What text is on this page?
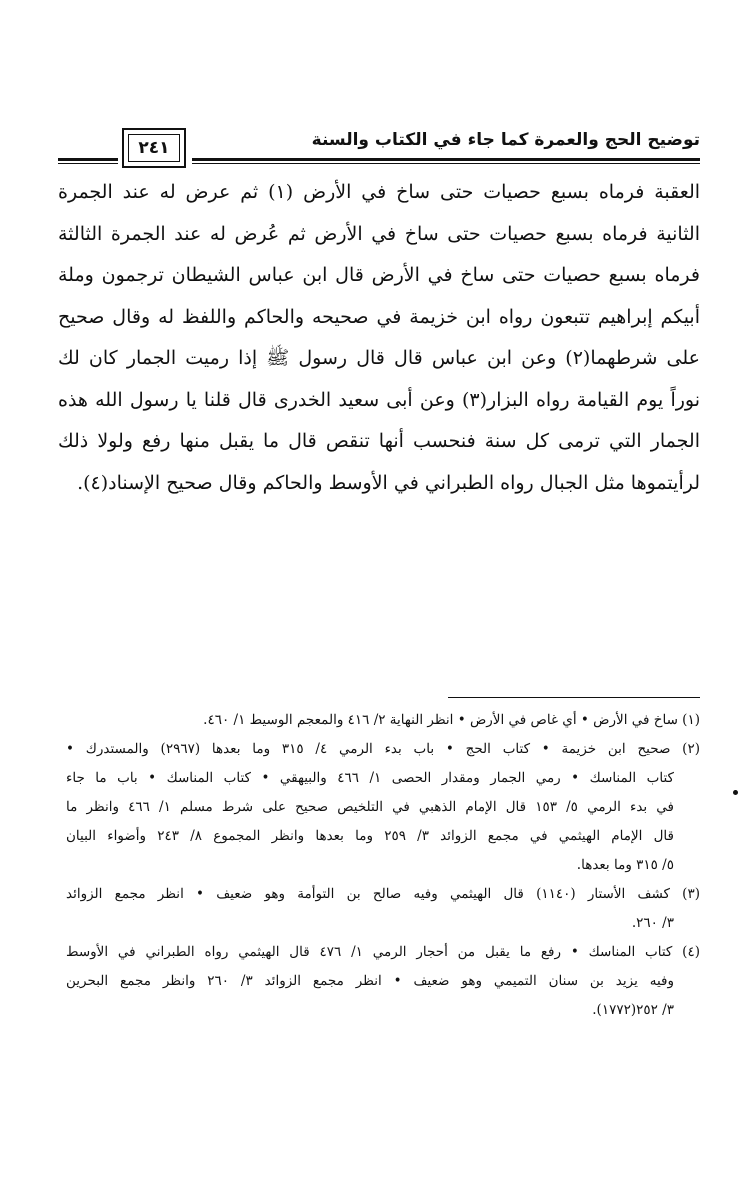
٢٤١	توضيح الحج والعمرة كما جاء في الكتاب والسنة
العقبة فرماه بسبع حصيات حتى ساخ في الأرض (١) ثم عرض له عند الجمرة
الثانية فرماه بسبع حصيات حتى ساخ في الأرض ثم عُرض له عند الجمرة الثالثة
فرماه بسبع حصيات حتى ساخ في الأرض قال ابن عباس الشيطان ترجمون وملة
أبيكم إبراهيم تتبعون رواه ابن خزيمة في صحيحه والحاكم واللفظ له وقال صحيح
على شرطهما(٢) وعن ابن عباس قال قال رسول ﷺ إذا رميت الجمار كان لك
نوراً يوم القيامة رواه البزار(٣) وعن أبى سعيد الخدرى قال قلنا يا رسول الله هذه
الجمار التي ترمى كل سنة فنحسب أنها تنقص قال ما يقبل منها رفع ولولا ذلك
لرأيتموها مثل الجبال رواه الطبراني في الأوسط والحاكم وقال صحيح الإسناد(٤).
(١) ساخ في الأرض • أي غاص في الأرض • انظر النهاية ٢/ ٤١٦ والمعجم الوسيط ١/ ٤٦٠.
(٢) صحيح ابن خزيمة • كتاب الحج • باب بدء الرمي ٤/ ٣١٥ وما بعدها (٢٩٦٧) والمستدرك •
كتاب المناسك • رمي الجمار ومقدار الحصى ١/ ٤٦٦ والبيهقي • كتاب المناسك • باب ما جاء
في بدء الرمي ٥/ ١٥٣ قال الإمام الذهبي في التلخيص صحيح على شرط مسلم ١/ ٤٦٦ وانظر ما
قال الإمام الهيثمي في مجمع الزوائد ٣/ ٢٥٩ وما بعدها وانظر المجموع ٨/ ٢٤٣ وأضواء البيان
٥/ ٣١٥ وما بعدها.
(٣) كشف الأستار (١١٤٠) قال الهيثمي وفيه صالح بن التوأمة وهو ضعيف • انظر مجمع الزوائد
٣/ ٢٦٠.
(٤) كتاب المناسك • رفع ما يقبل من أحجار الرمي ١/ ٤٧٦ قال الهيثمي رواه الطبراني في الأوسط
وفيه يزيد بن سنان التميمي وهو ضعيف • انظر مجمع الزوائد ٣/ ٢٦٠ وانظر مجمع البحرين
٣/ ٢٥٢(١٧٧٢).
